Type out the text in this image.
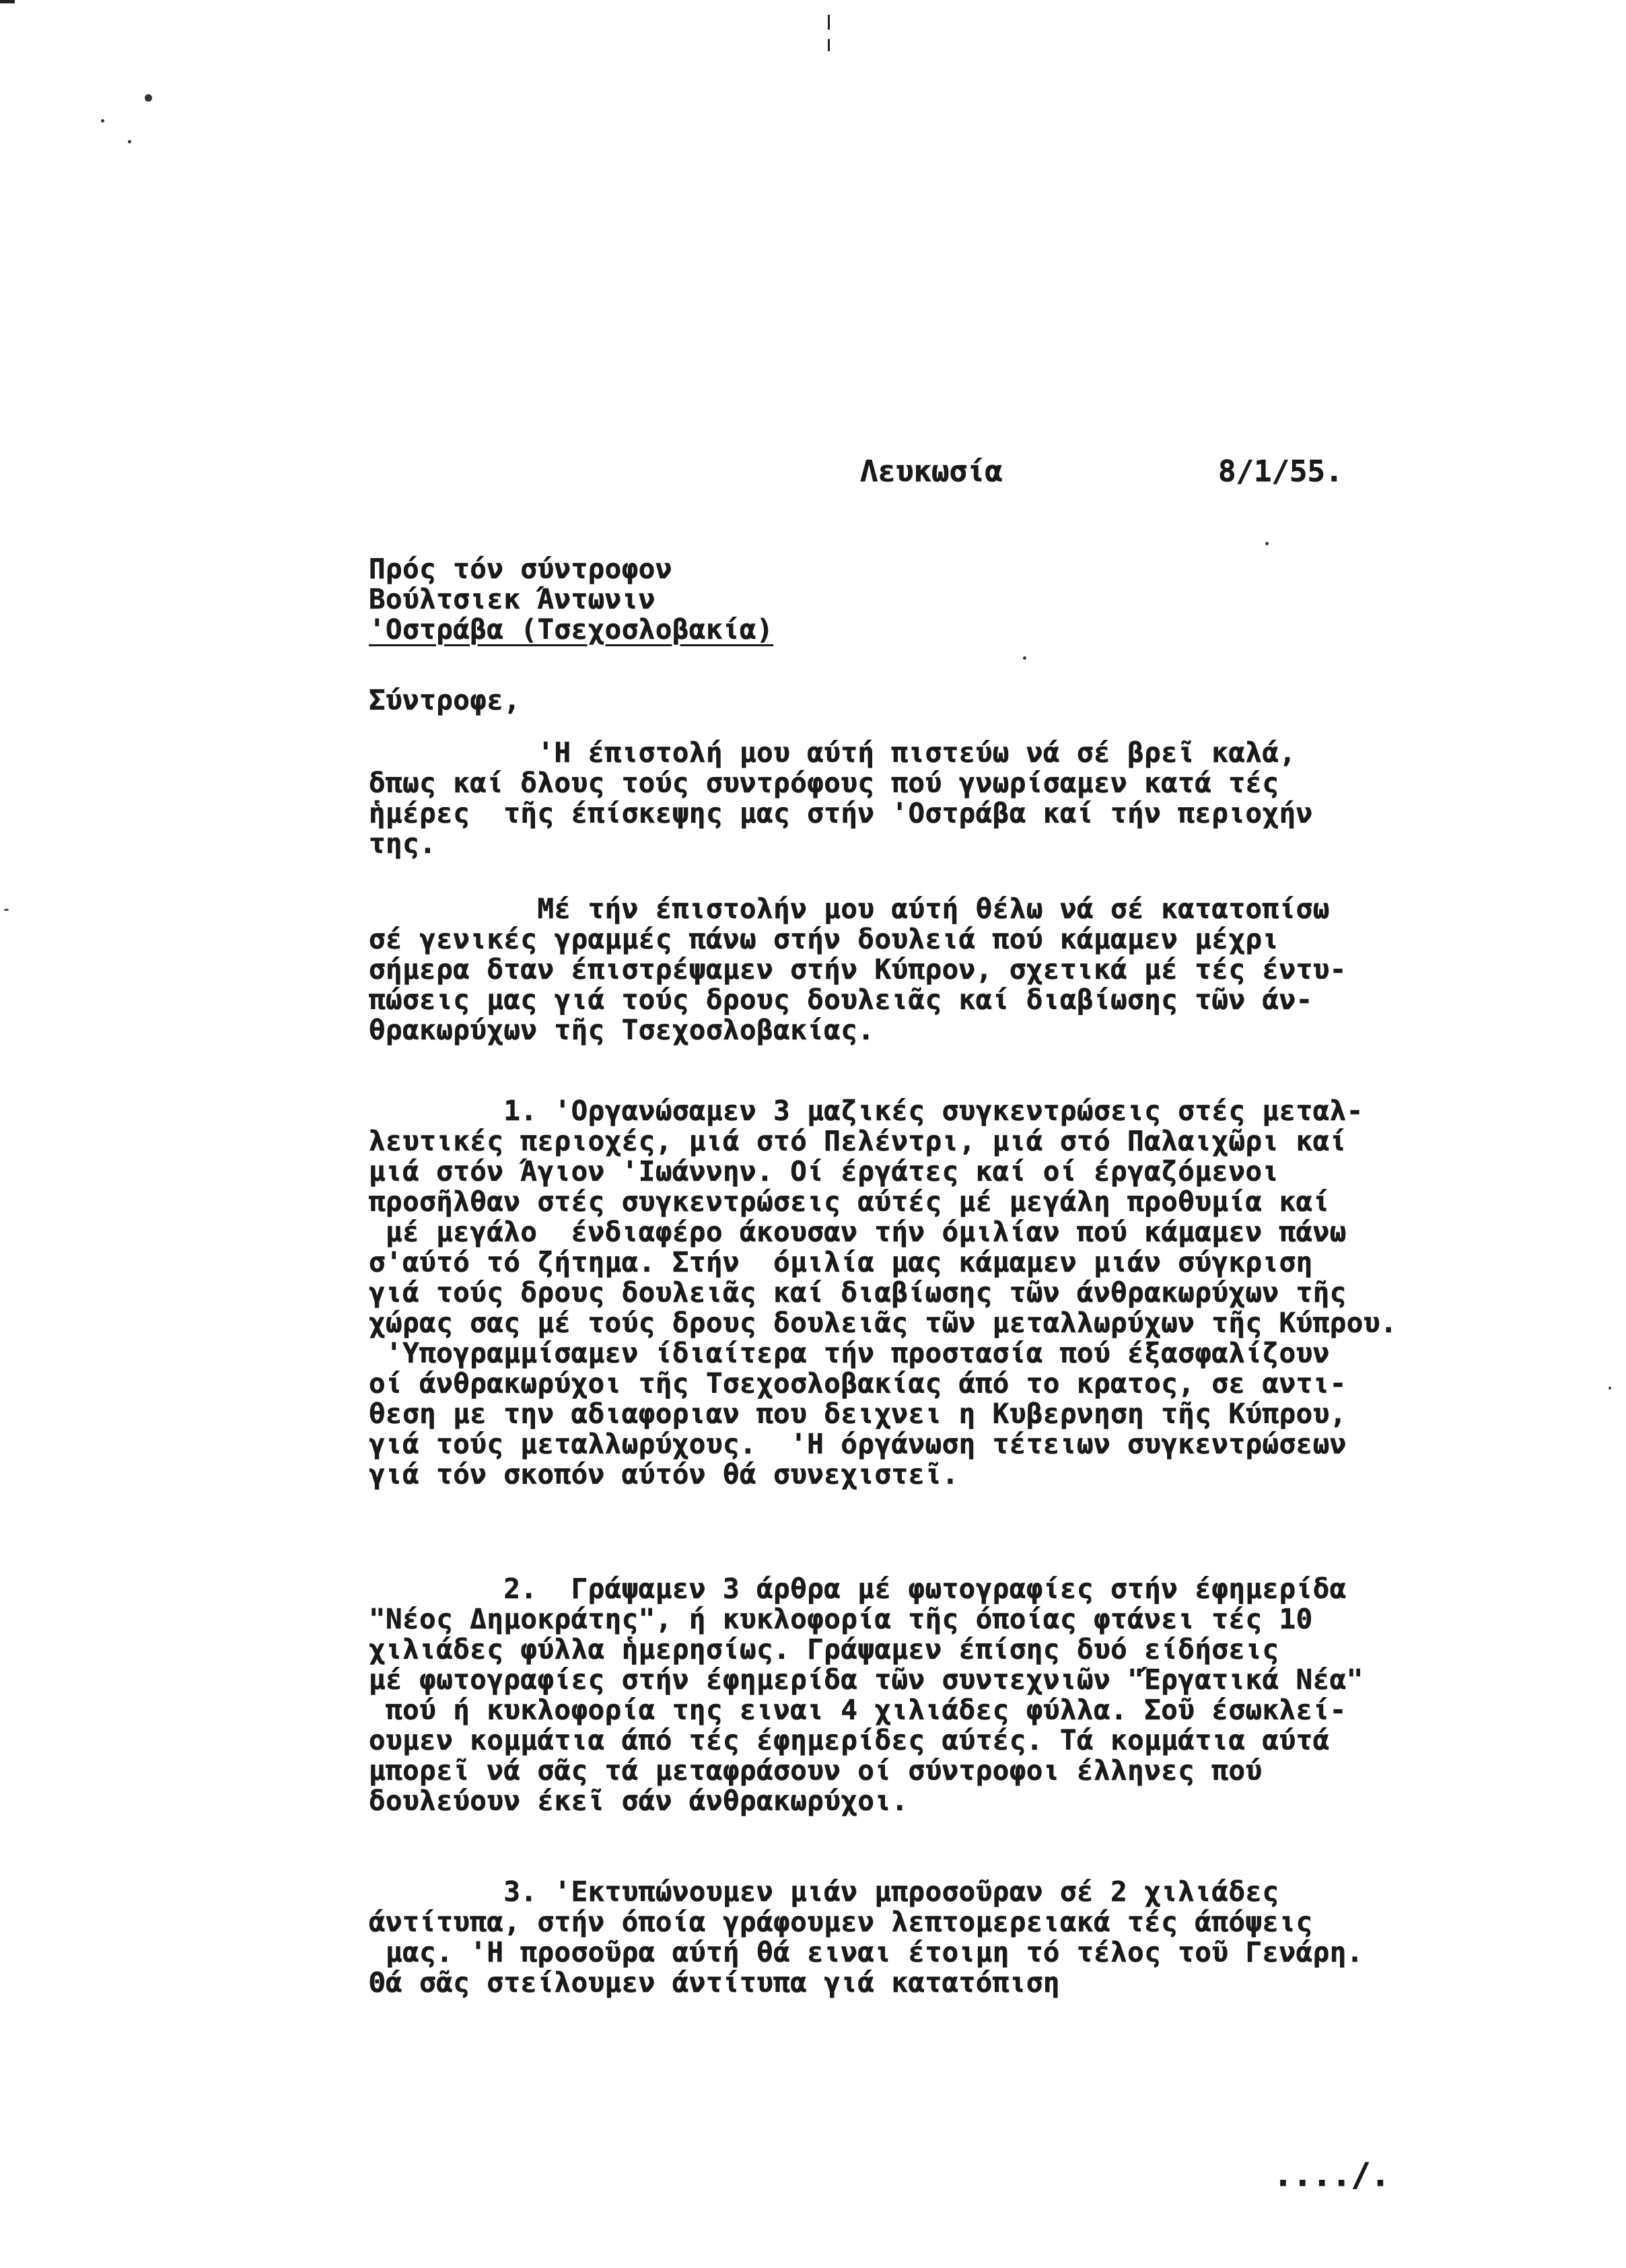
Λευκωσία	8/1/55.
Πρός τόν σύντροφον
Βούλτσιεκ Άντωνιν
'Οστράβα (Τσεχοσλοβακία)
Σύντροφε,
'Η έπιστολή μου αύτή πιστεύω νά σέ βρεῖ καλά,
δπως καί δλους τούς συντρόφους πού γνωρίσαμεν κατά τές
ἡμέρες  τῆς έπίσκεψης μας στήν 'Οστράβα καί τήν περιοχήν
της.
Μέ τήν έπιστολήν μου αύτή θέλω νά σέ κατατοπίσω
σέ γενικές γραμμές πάνω στήν δουλειά πού κάμαμεν μέχρι
σήμερα δταν έπιστρέψαμεν στήν Κύπρον, σχετικά μέ τές έντυ-
πώσεις μας γιά τούς δρους δουλειᾶς καί διαβίωσης τῶν άν-
θρακωρύχων τῆς Τσεχοσλοβακίας.
1. 'Οργανώσαμεν 3 μαζικές συγκεντρώσεις στές μεταλ-
λευτικές περιοχές, μιά στό Πελέντρι, μιά στό Παλαιχῶρι καί
μιά στόν Άγιον 'Ιωάννην. Οί έργάτες καί οί έργαζόμενοι
προσῆλθαν στές συγκεντρώσεις αύτές μέ μεγάλη προθυμία καί
μέ μεγάλο  ένδιαφέρο άκουσαν τήν όμιλίαν πού κάμαμεν πάνω
σ'αύτό τό ζήτημα. Στήν  όμιλία μας κάμαμεν μιάν σύγκριση
γιά τούς δρους δουλειᾶς καί διαβίωσης τῶν άνθρακωρύχων τῆς
χώρας σας μέ τούς δρους δουλειᾶς τῶν μεταλλωρύχων τῆς Κύπρου.
'Υπογραμμίσαμεν ίδιαίτερα τήν προστασία πού έξασφαλίζουν
οί άνθρακωρύχοι τῆς Τσεχοσλοβακίας άπό το κρατος, σε αντι-
θεση με την αδιαφοριαν που δειχνει η Κυβερνηση τῆς Κύπρου,
γιά τούς μεταλλωρύχους.  'Η όργάνωση τέτειων συγκεντρώσεων
γιά τόν σκοπόν αύτόν θά συνεχιστεῖ.
2.  Γράψαμεν 3 άρθρα μέ φωτογραφίες στήν έφημερίδα
"Νέος Δημοκράτης", ή κυκλοφορία τῆς όποίας φτάνει τές 10
χιλιάδες φύλλα ἡμερησίως. Γράψαμεν έπίσης δυό είδήσεις
μέ φωτογραφίες στήν έφημερίδα τῶν συντεχνιῶν "Έργατικά Νέα"
πού ή κυκλοφορία της ειναι 4 χιλιάδες φύλλα. Σοῦ έσωκλεί-
ουμεν κομμάτια άπό τές έφημερίδες αύτές. Τά κομμάτια αύτά
μπορεῖ νά σᾶς τά μεταφράσουν οί σύντροφοι έλληνες πού
δουλεύουν έκεῖ σάν άνθρακωρύχοι.
3. 'Εκτυπώνουμεν μιάν μπροσοῦραν σέ 2 χιλιάδες
άντίτυπα, στήν όποία γράφουμεν λεπτομερειακά τές άπόψεις
μας. 'Η προσοῦρα αύτή θά ειναι έτοιμη τό τέλος τοῦ Γενάρη.
Θά σᾶς στείλουμεν άντίτυπα γιά κατατόπιση
..../.
